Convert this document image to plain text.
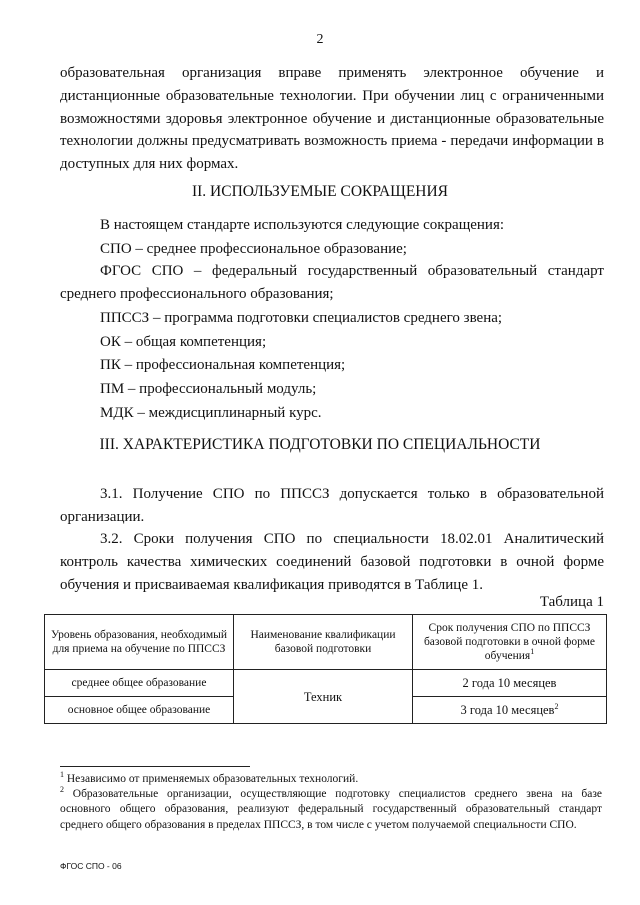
2
образовательная организация вправе применять электронное обучение и
дистанционные образовательные технологии. При обучении лиц с ограниченными возможностями здоровья электронное обучение и дистанционные образовательные технологии должны предусматривать возможность приема - передачи информации в доступных для них формах.
II. ИСПОЛЬЗУЕМЫЕ СОКРАЩЕНИЯ
В настоящем стандарте используются следующие сокращения:
СПО – среднее профессиональное образование;
ФГОС СПО – федеральный государственный образовательный стандарт среднего профессионального образования;
ППССЗ – программа подготовки специалистов среднего звена;
ОК – общая компетенция;
ПК – профессиональная компетенция;
ПМ – профессиональный модуль;
МДК – междисциплинарный курс.
III. ХАРАКТЕРИСТИКА ПОДГОТОВКИ ПО СПЕЦИАЛЬНОСТИ
3.1. Получение СПО по ППССЗ допускается только в образовательной организации.
3.2. Сроки получения СПО по специальности 18.02.01 Аналитический контроль качества химических соединений базовой подготовки в очной форме обучения и присваиваемая квалификация приводятся в Таблице 1.
Таблица 1
Уровень образования, необходимый для приема на обучение по ППССЗ	Наименование квалификации базовой подготовки	Срок получения СПО по ППССЗ базовой подготовки в очной форме обучения$^1$
среднее общее образование	Техник	2 года 10 месяцев
основное общее образование		3 года 10 месяцев$^2$
$^1$ Независимо от применяемых образовательных технологий.
$^2$ Образовательные организации, осуществляющие подготовку специалистов среднего звена на базе основного общего образования, реализуют федеральный государственный образовательный стандарт среднего общего образования в пределах ППССЗ, в том числе с учетом получаемой специальности СПО.
ФГОС СПО - 06
